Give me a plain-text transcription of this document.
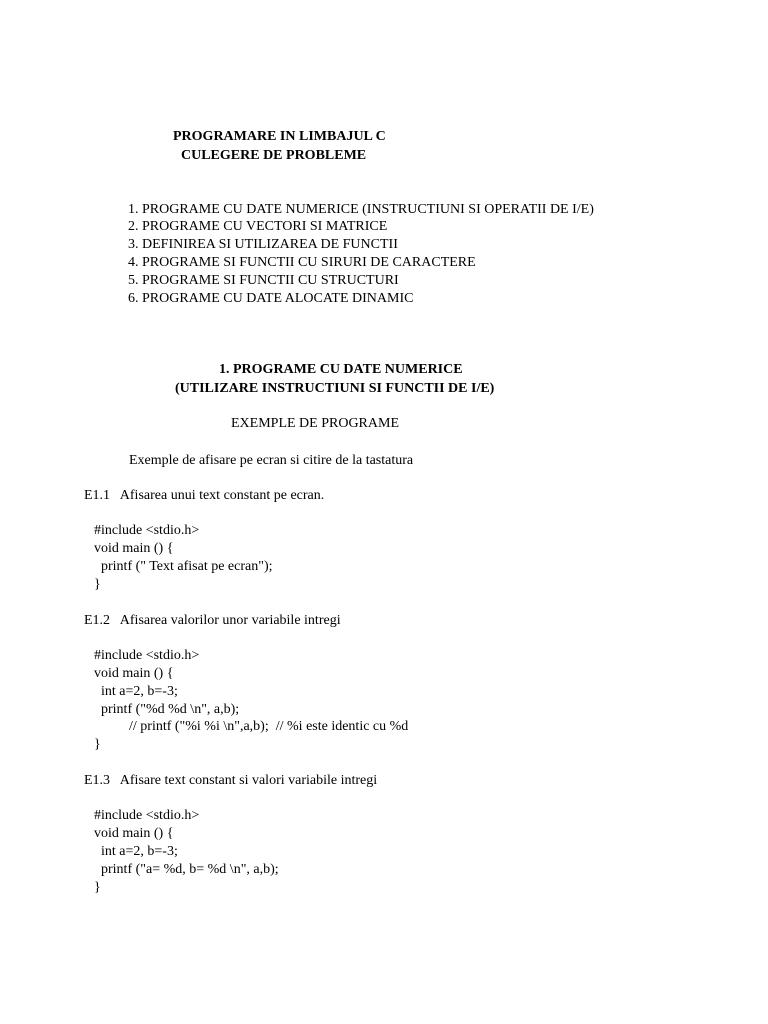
PROGRAMARE IN LIMBAJUL C
CULEGERE DE PROBLEME
1. PROGRAME CU DATE NUMERICE (INSTRUCTIUNI SI OPERATII DE I/E)
2. PROGRAME CU VECTORI SI MATRICE
3. DEFINIREA SI UTILIZAREA DE FUNCTII
4. PROGRAME SI FUNCTII CU SIRURI DE CARACTERE
5. PROGRAME SI FUNCTII CU STRUCTURI
6. PROGRAME CU DATE ALOCATE DINAMIC
1. PROGRAME CU DATE NUMERICE
(UTILIZARE INSTRUCTIUNI SI FUNCTII DE I/E)
EXEMPLE DE PROGRAME
Exemple de afisare pe ecran si citire de la tastatura
E1.1   Afisarea unui text constant pe ecran.
#include <stdio.h>
void main () {
printf (" Text afisat pe ecran");
}
E1.2   Afisarea valorilor unor variabile intregi
#include <stdio.h>
void main () {
int a=2, b=-3;
printf ("%d %d \n", a,b);
// printf ("%i %i \n",a,b);  // %i este identic cu %d
}
E1.3   Afisare text constant si valori variabile intregi
#include <stdio.h>
void main () {
int a=2, b=-3;
printf ("a= %d, b= %d \n", a,b);
}
